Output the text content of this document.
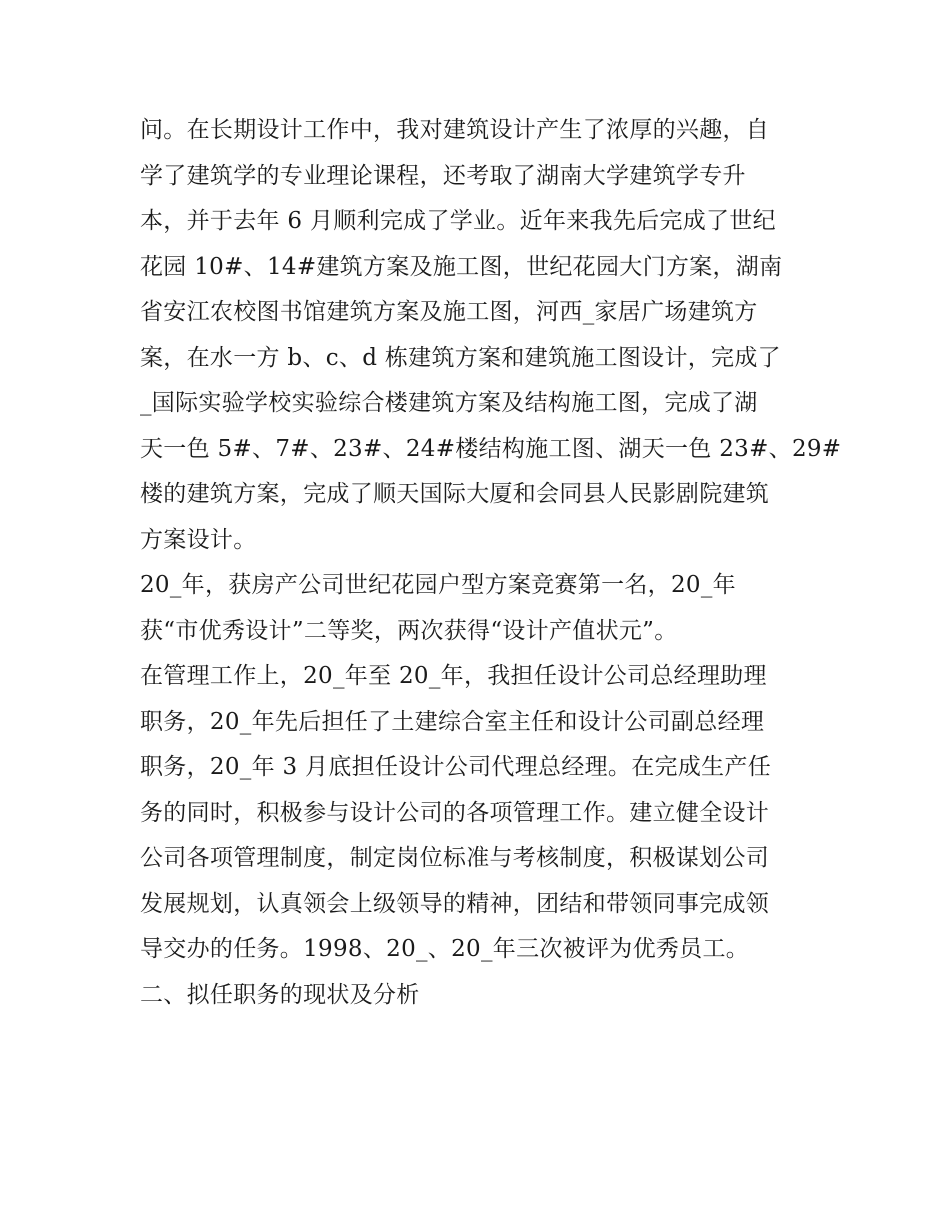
问。在长期设计工作中，我对建筑设计产生了浓厚的兴趣，自
学了建筑学的专业理论课程，还考取了湖南大学建筑学专升
本，并于去年 6 月顺利完成了学业。近年来我先后完成了世纪
花园 10#、14#建筑方案及施工图，世纪花园大门方案，湖南
省安江农校图书馆建筑方案及施工图，河西_家居广场建筑方
案，在水一方 b、c、d 栋建筑方案和建筑施工图设计，完成了
_国际实验学校实验综合楼建筑方案及结构施工图，完成了湖
天一色 5#、7#、23#、24#楼结构施工图、湖天一色 23#、29#
楼的建筑方案，完成了顺天国际大厦和会同县人民影剧院建筑
方案设计。
20_年，获房产公司世纪花园户型方案竞赛第一名，20_年
获“市优秀设计”二等奖，两次获得“设计产值状元”。
在管理工作上，20_年至 20_年，我担任设计公司总经理助理
职务，20_年先后担任了土建综合室主任和设计公司副总经理
职务，20_年 3 月底担任设计公司代理总经理。在完成生产任
务的同时，积极参与设计公司的各项管理工作。建立健全设计
公司各项管理制度，制定岗位标准与考核制度，积极谋划公司
发展规划，认真领会上级领导的精神，团结和带领同事完成领
导交办的任务。1998、20_、20_年三次被评为优秀员工。
二、拟任职务的现状及分析
